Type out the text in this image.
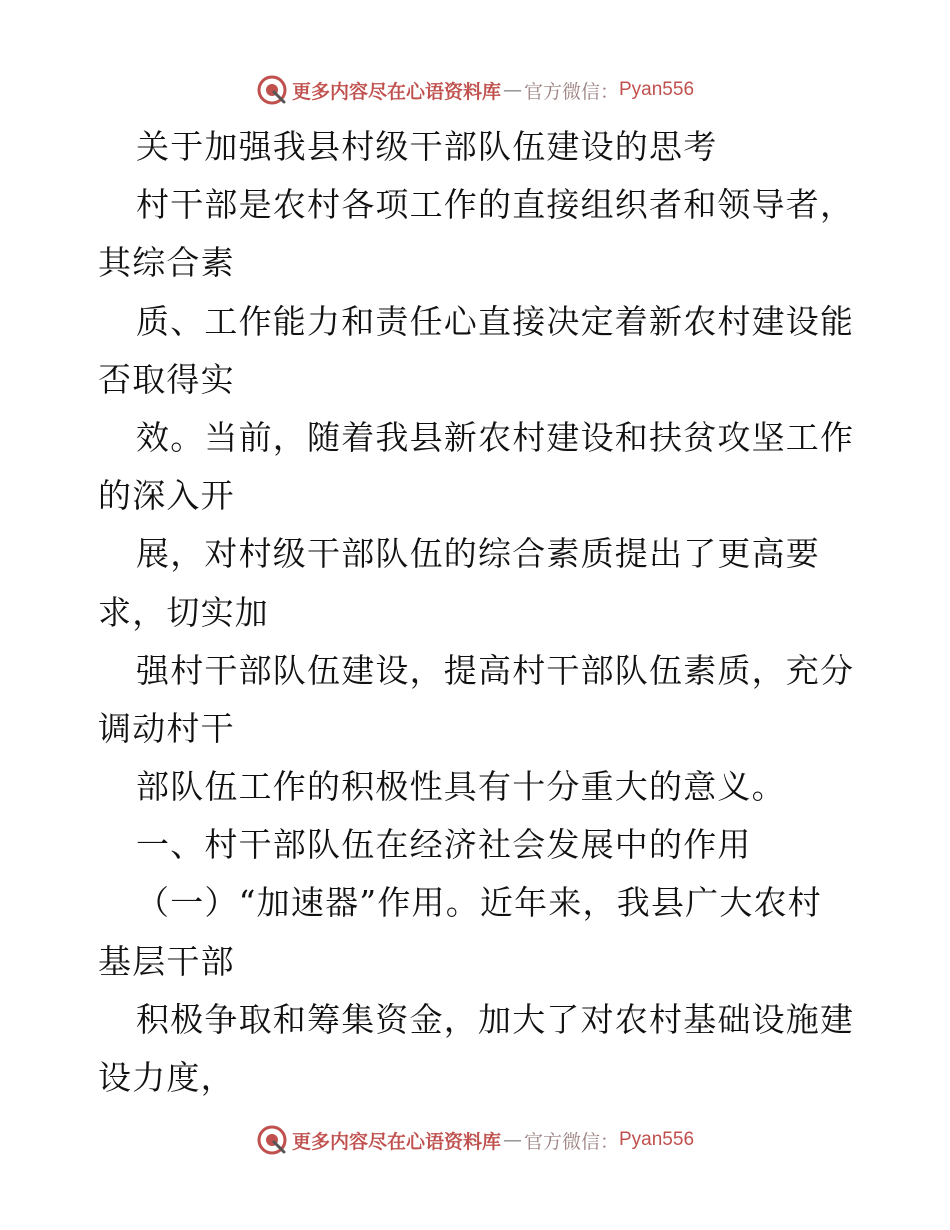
更多内容尽在心语资料库 — 官方微信： Pyan556
关于加强我县村级干部队伍建设的思考
村干部是农村各项工作的直接组织者和领导者，
其综合素
质、工作能力和责任心直接决定着新农村建设能
否取得实
效。当前，随着我县新农村建设和扶贫攻坚工作
的深入开
展，对村级干部队伍的综合素质提出了更高要
求，切实加
强村干部队伍建设，提高村干部队伍素质，充分
调动村干
部队伍工作的积极性具有十分重大的意义。
一、村干部队伍在经济社会发展中的作用
（一）“加速器”作用。近年来，我县广大农村
基层干部
积极争取和筹集资金，加大了对农村基础设施建
设力度，
更多内容尽在心语资料库 — 官方微信： Pyan556
